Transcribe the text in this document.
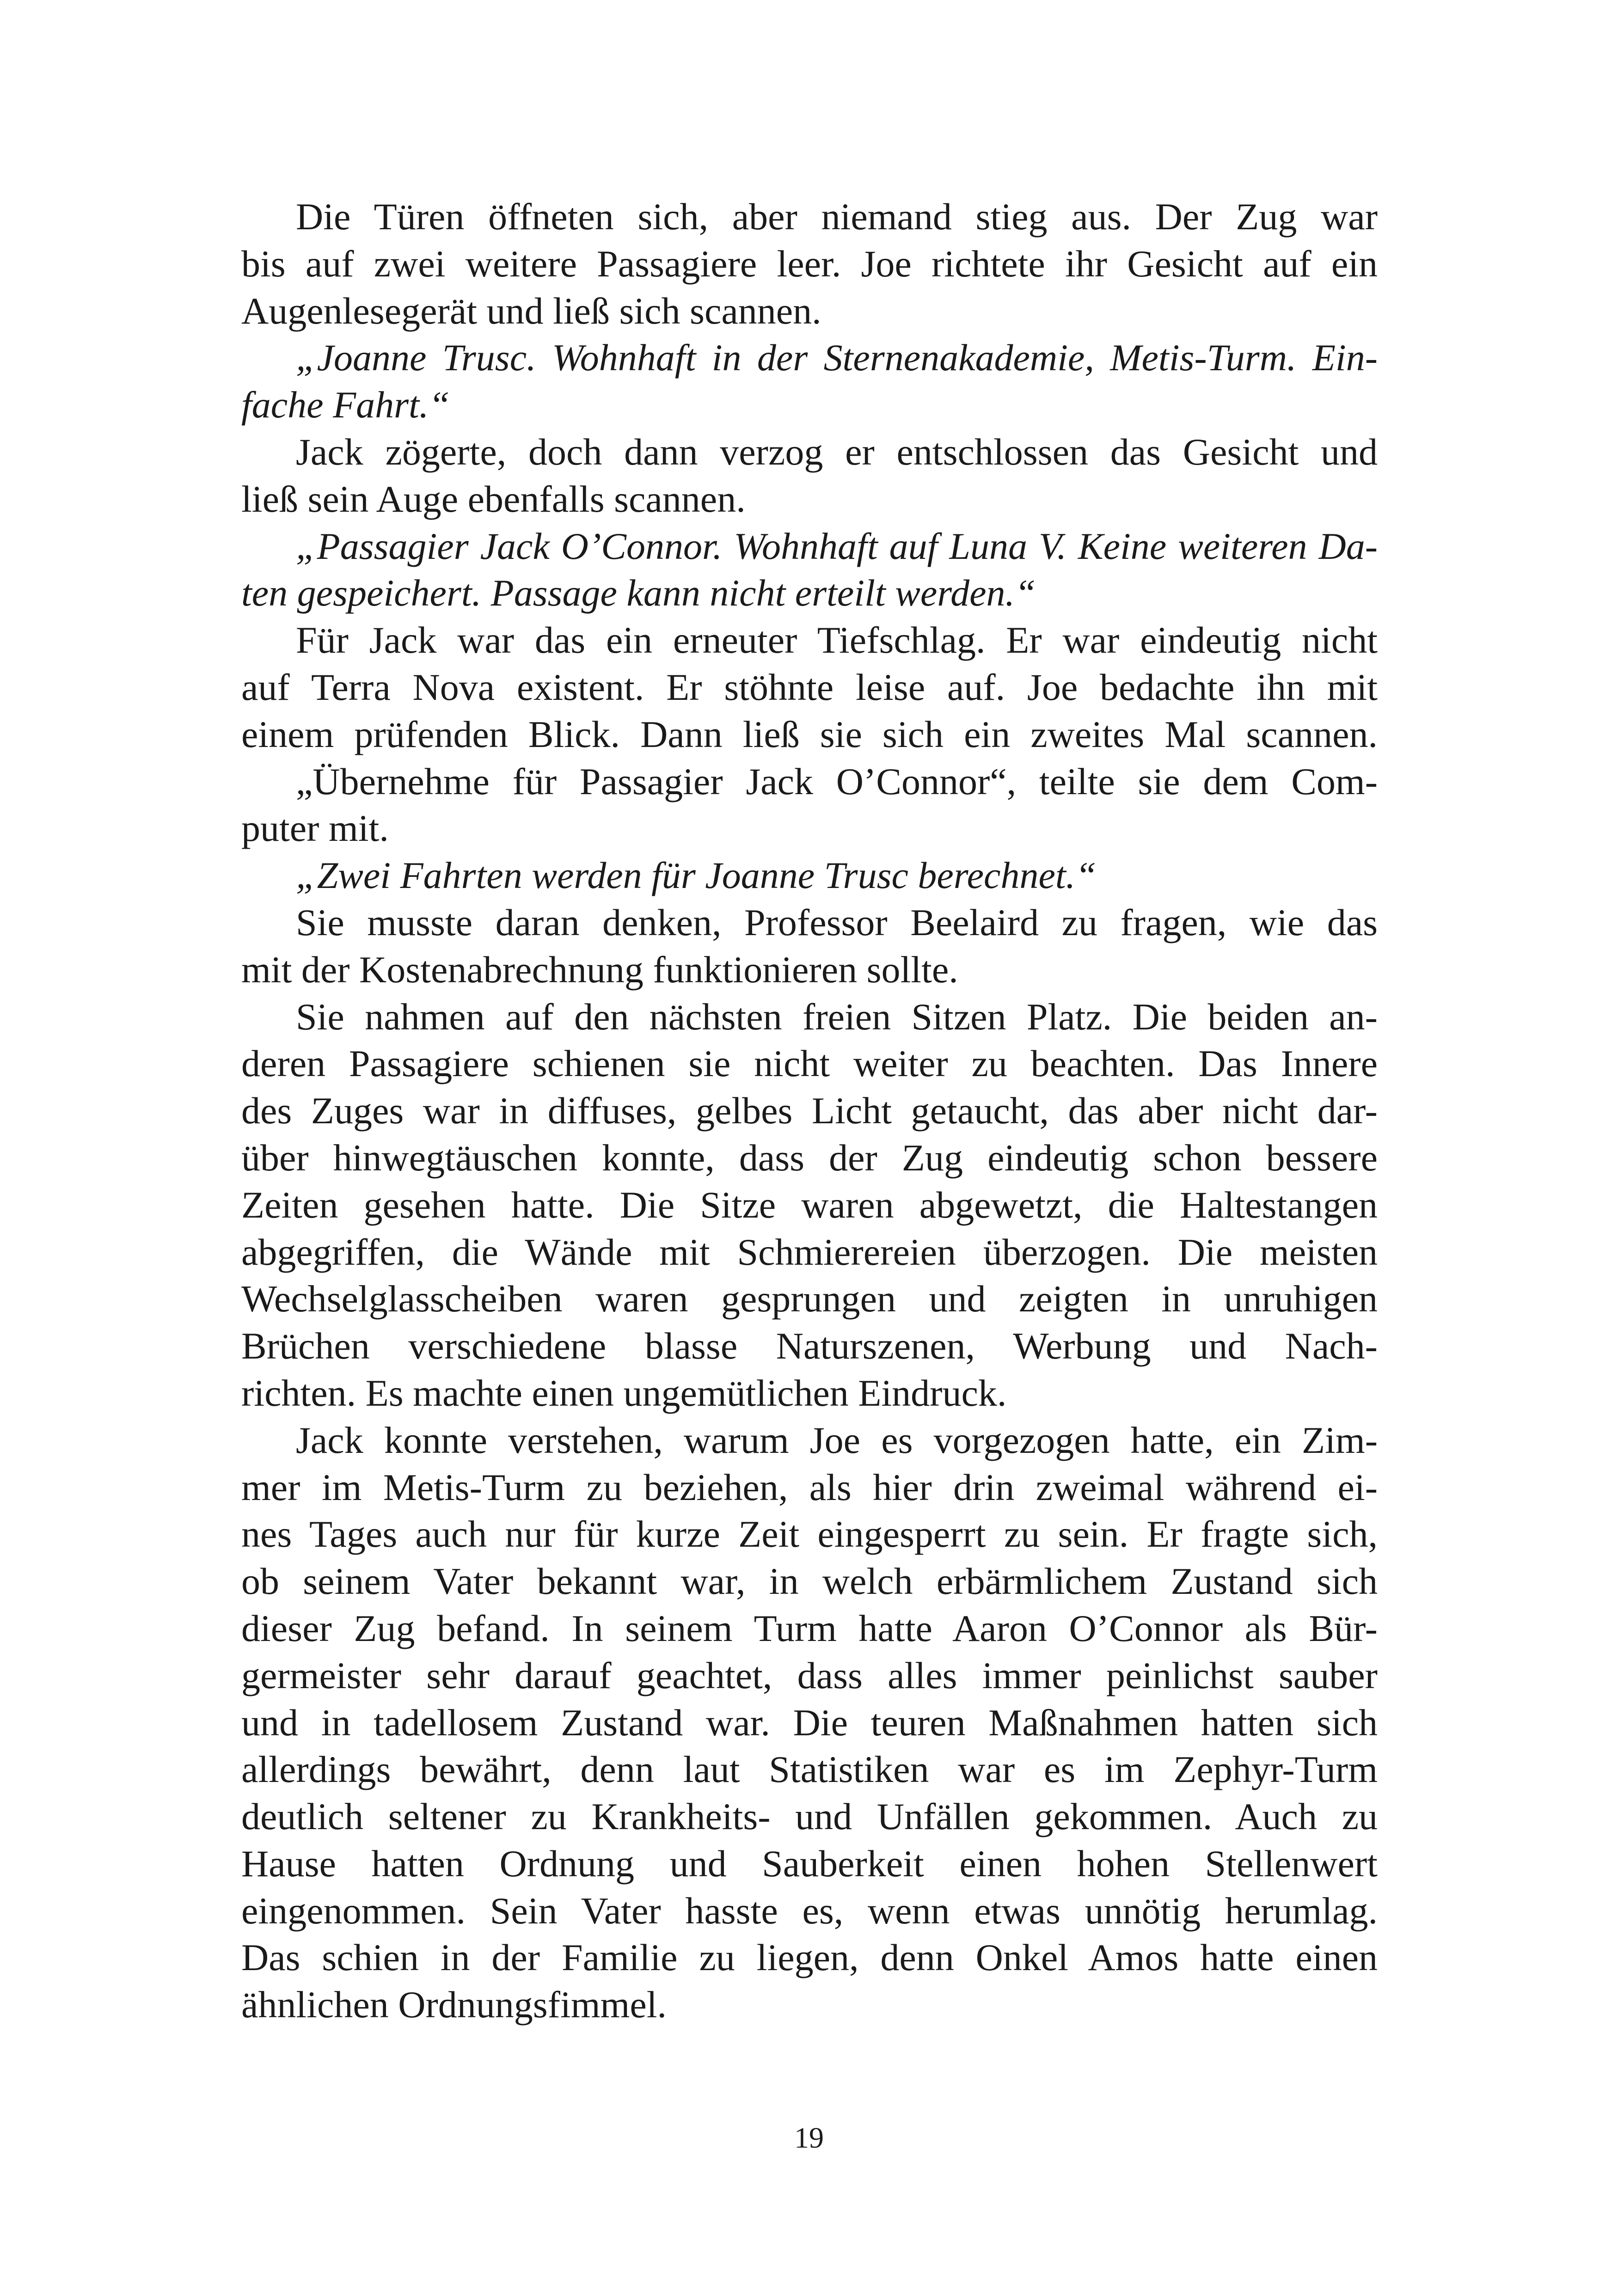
Die Türen öffneten sich, aber niemand stieg aus. Der Zug war
bis auf zwei weitere Passagiere leer. Joe richtete ihr Gesicht auf ein
Augenlesegerät und ließ sich scannen.
„Joanne Trusc. Wohnhaft in der Sternenakademie, Metis-Turm. Ein-
fache Fahrt.“
Jack zögerte, doch dann verzog er entschlossen das Gesicht und
ließ sein Auge ebenfalls scannen.
„Passagier Jack O’Connor. Wohnhaft auf Luna V. Keine weiteren Da-
ten gespeichert. Passage kann nicht erteilt werden.“
Für Jack war das ein erneuter Tiefschlag. Er war eindeutig nicht
auf Terra Nova existent. Er stöhnte leise auf. Joe bedachte ihn mit
einem prüfenden Blick. Dann ließ sie sich ein zweites Mal scannen.
„Übernehme für Passagier Jack O’Connor“, teilte sie dem Com-
puter mit.
„Zwei Fahrten werden für Joanne Trusc berechnet.“
Sie musste daran denken, Professor Beelaird zu fragen, wie das
mit der Kostenabrechnung funktionieren sollte.
Sie nahmen auf den nächsten freien Sitzen Platz. Die beiden an-
deren Passagiere schienen sie nicht weiter zu beachten. Das Innere
des Zuges war in diffuses, gelbes Licht getaucht, das aber nicht dar-
über hinwegtäuschen konnte, dass der Zug eindeutig schon bessere
Zeiten gesehen hatte. Die Sitze waren abgewetzt, die Haltestangen
abgegriffen, die Wände mit Schmierereien überzogen. Die meisten
Wechselglasscheiben waren gesprungen und zeigten in unruhigen
Brüchen verschiedene blasse Naturszenen, Werbung und Nach-
richten. Es machte einen ungemütlichen Eindruck.
Jack konnte verstehen, warum Joe es vorgezogen hatte, ein Zim-
mer im Metis-Turm zu beziehen, als hier drin zweimal während ei-
nes Tages auch nur für kurze Zeit eingesperrt zu sein. Er fragte sich,
ob seinem Vater bekannt war, in welch erbärmlichem Zustand sich
dieser Zug befand. In seinem Turm hatte Aaron O’Connor als Bür-
germeister sehr darauf geachtet, dass alles immer peinlichst sauber
und in tadellosem Zustand war. Die teuren Maßnahmen hatten sich
allerdings bewährt, denn laut Statistiken war es im Zephyr-Turm
deutlich seltener zu Krankheits- und Unfällen gekommen. Auch zu
Hause hatten Ordnung und Sauberkeit einen hohen Stellenwert
eingenommen. Sein Vater hasste es, wenn etwas unnötig herumlag.
Das schien in der Familie zu liegen, denn Onkel Amos hatte einen
ähnlichen Ordnungsfimmel.
19
